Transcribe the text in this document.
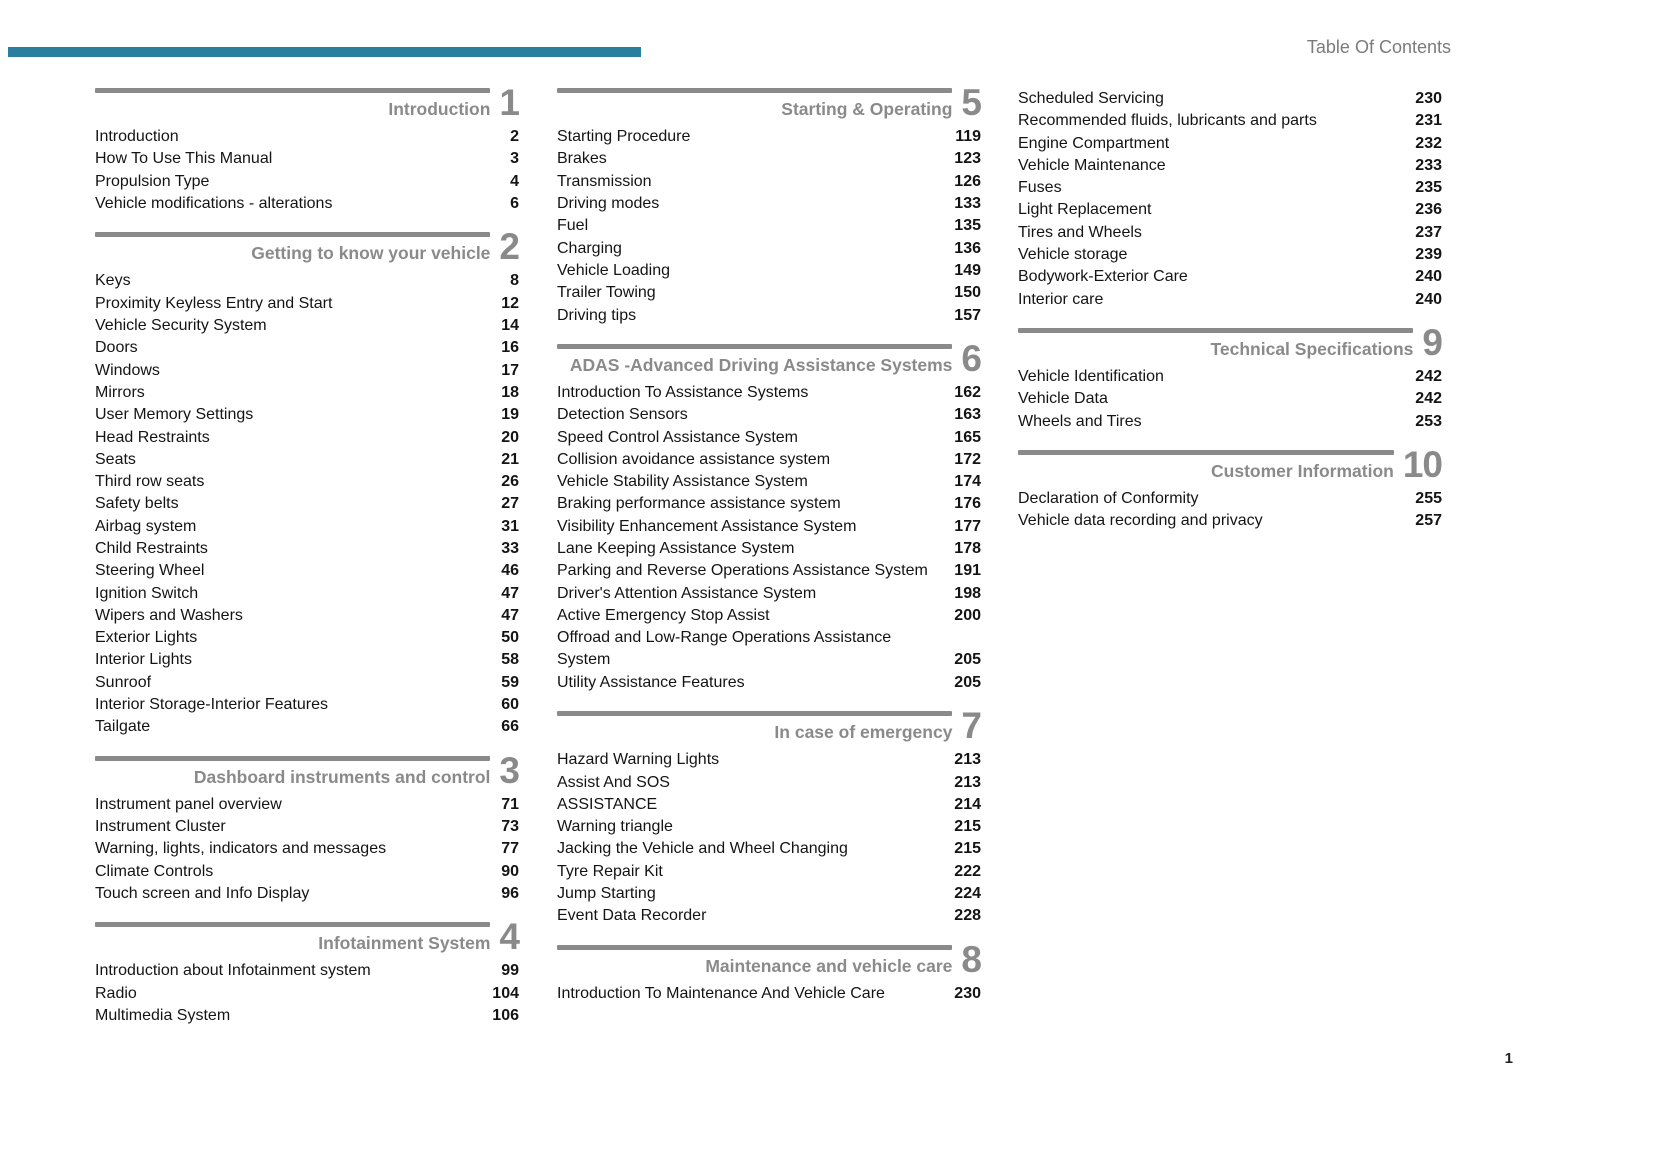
Table Of Contents
Introduction 1
Introduction	2
How To Use This Manual	3
Propulsion Type	4
Vehicle modifications - alterations	6
Getting to know your vehicle 2
Keys	8
Proximity Keyless Entry and Start	12
Vehicle Security System	14
Doors	16
Windows	17
Mirrors	18
User Memory Settings	19
Head Restraints	20
Seats	21
Third row seats	26
Safety belts	27
Airbag system	31
Child Restraints	33
Steering Wheel	46
Ignition Switch	47
Wipers and Washers	47
Exterior Lights	50
Interior Lights	58
Sunroof	59
Interior Storage-Interior Features	60
Tailgate	66
Dashboard instruments and control 3
Instrument panel overview	71
Instrument Cluster	73
Warning, lights, indicators and messages	77
Climate Controls	90
Touch screen and Info Display	96
Infotainment System 4
Introduction about Infotainment system	99
Radio	104
Multimedia System	106
Starting & Operating 5
Starting Procedure	119
Brakes	123
Transmission	126
Driving modes	133
Fuel	135
Charging	136
Vehicle Loading	149
Trailer Towing	150
Driving tips	157
ADAS -Advanced Driving Assistance Systems 6
Introduction To Assistance Systems	162
Detection Sensors	163
Speed Control Assistance System	165
Collision avoidance assistance system	172
Vehicle Stability Assistance System	174
Braking performance assistance system	176
Visibility Enhancement Assistance System	177
Lane Keeping Assistance System	178
Parking and Reverse Operations Assistance System	191
Driver's Attention Assistance System	198
Active Emergency Stop Assist	200
Offroad and Low-Range Operations Assistance System	205
Utility Assistance Features	205
In case of emergency 7
Hazard Warning Lights	213
Assist And SOS	213
ASSISTANCE	214
Warning triangle	215
Jacking the Vehicle and Wheel Changing	215
Tyre Repair Kit	222
Jump Starting	224
Event Data Recorder	228
Maintenance and vehicle care 8
Introduction To Maintenance And Vehicle Care	230
Scheduled Servicing	230
Recommended fluids, lubricants and parts	231
Engine Compartment	232
Vehicle Maintenance	233
Fuses	235
Light Replacement	236
Tires and Wheels	237
Vehicle storage	239
Bodywork-Exterior Care	240
Interior care	240
Technical Specifications 9
Vehicle Identification	242
Vehicle Data	242
Wheels and Tires	253
Customer Information 10
Declaration of Conformity	255
Vehicle data recording and privacy	257
1
